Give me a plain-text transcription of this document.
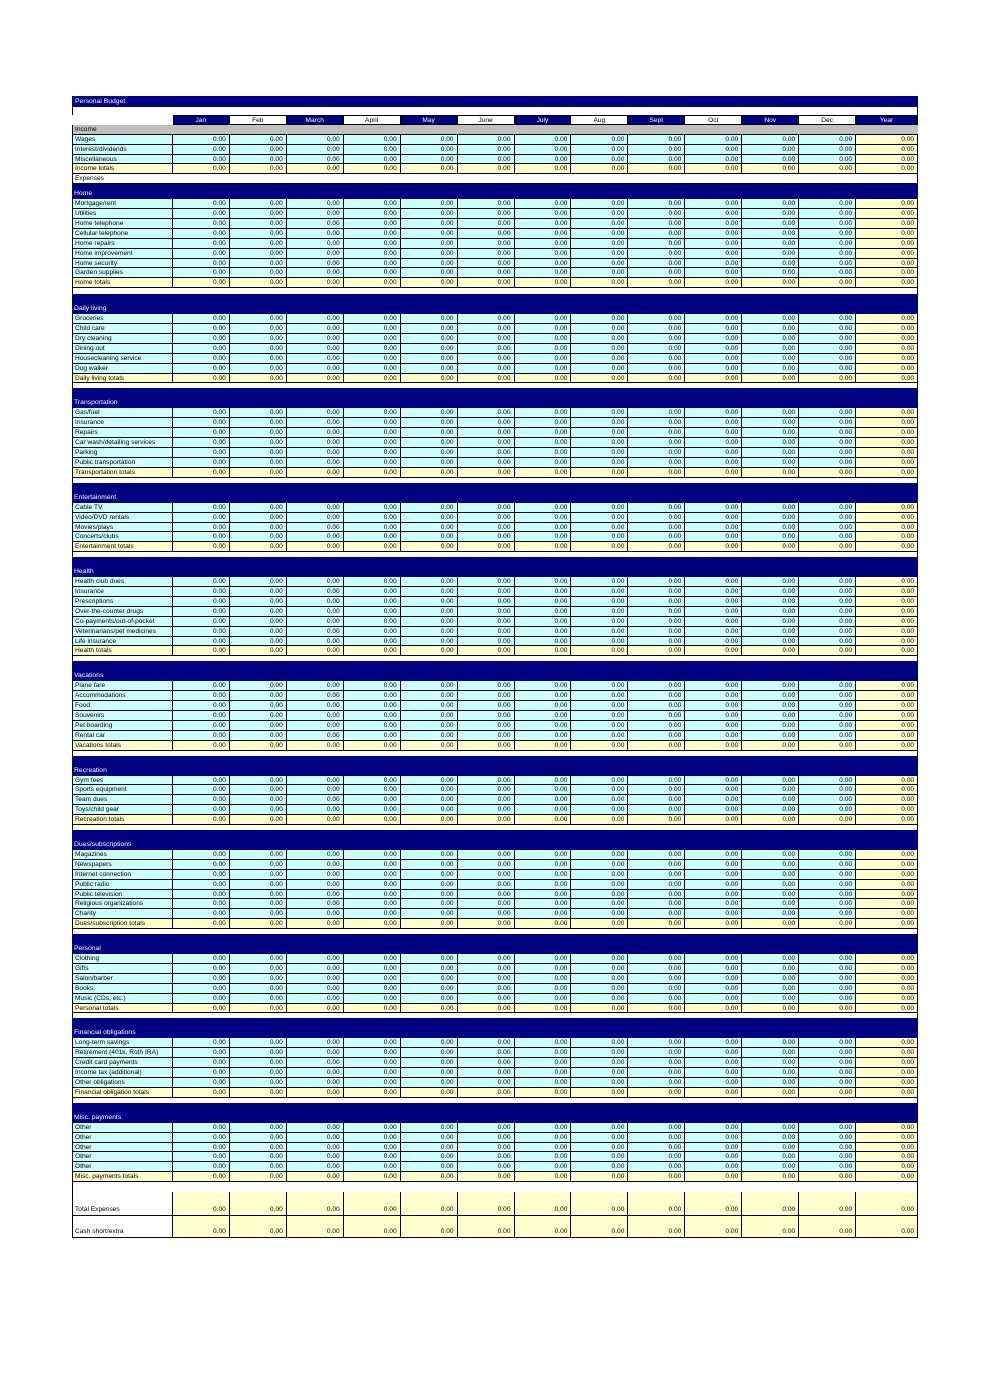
Personal Budget
Jan	Feb	March	April	May	June	July	Aug	Sept	Oct	Nov	Dec	Year
Income
Wages	0.00	0.00	0.00	0.00	0.00	0.00	0.00	0.00	0.00	0.00	0.00	0.00	0.00
Interest/dividends	0.00	0.00	0.00	0.00	0.00	0.00	0.00	0.00	0.00	0.00	0.00	0.00	0.00
Miscellaneous	0.00	0.00	0.00	0.00	0.00	0.00	0.00	0.00	0.00	0.00	0.00	0.00	0.00
Income totals	0.00	0.00	0.00	0.00	0.00	0.00	0.00	0.00	0.00	0.00	0.00	0.00	0.00
Expenses
Home
Mortgage/rent	0.00	0.00	0.00	0.00	0.00	0.00	0.00	0.00	0.00	0.00	0.00	0.00	0.00
Utilities	0.00	0.00	0.00	0.00	0.00	0.00	0.00	0.00	0.00	0.00	0.00	0.00	0.00
Home telephone	0.00	0.00	0.00	0.00	0.00	0.00	0.00	0.00	0.00	0.00	0.00	0.00	0.00
Cellular telephone	0.00	0.00	0.00	0.00	0.00	0.00	0.00	0.00	0.00	0.00	0.00	0.00	0.00
Home repairs	0.00	0.00	0.00	0.00	0.00	0.00	0.00	0.00	0.00	0.00	0.00	0.00	0.00
Home improvement	0.00	0.00	0.00	0.00	0.00	0.00	0.00	0.00	0.00	0.00	0.00	0.00	0.00
Home security	0.00	0.00	0.00	0.00	0.00	0.00	0.00	0.00	0.00	0.00	0.00	0.00	0.00
Garden supplies	0.00	0.00	0.00	0.00	0.00	0.00	0.00	0.00	0.00	0.00	0.00	0.00	0.00
Home totals	0.00	0.00	0.00	0.00	0.00	0.00	0.00	0.00	0.00	0.00	0.00	0.00	0.00
Daily living
Groceries	0.00	0.00	0.00	0.00	0.00	0.00	0.00	0.00	0.00	0.00	0.00	0.00	0.00
Child care	0.00	0.00	0.00	0.00	0.00	0.00	0.00	0.00	0.00	0.00	0.00	0.00	0.00
Dry cleaning	0.00	0.00	0.00	0.00	0.00	0.00	0.00	0.00	0.00	0.00	0.00	0.00	0.00
Dining out	0.00	0.00	0.00	0.00	0.00	0.00	0.00	0.00	0.00	0.00	0.00	0.00	0.00
Housecleaning service	0.00	0.00	0.00	0.00	0.00	0.00	0.00	0.00	0.00	0.00	0.00	0.00	0.00
Dog walker	0.00	0.00	0.00	0.00	0.00	0.00	0.00	0.00	0.00	0.00	0.00	0.00	0.00
Daily living totals	0.00	0.00	0.00	0.00	0.00	0.00	0.00	0.00	0.00	0.00	0.00	0.00	0.00
Transportation
Gas/fuel	0.00	0.00	0.00	0.00	0.00	0.00	0.00	0.00	0.00	0.00	0.00	0.00	0.00
Insurance	0.00	0.00	0.00	0.00	0.00	0.00	0.00	0.00	0.00	0.00	0.00	0.00	0.00
Repairs	0.00	0.00	0.00	0.00	0.00	0.00	0.00	0.00	0.00	0.00	0.00	0.00	0.00
Car wash/detailing services	0.00	0.00	0.00	0.00	0.00	0.00	0.00	0.00	0.00	0.00	0.00	0.00	0.00
Parking	0.00	0.00	0.00	0.00	0.00	0.00	0.00	0.00	0.00	0.00	0.00	0.00	0.00
Public transportation	0.00	0.00	0.00	0.00	0.00	0.00	0.00	0.00	0.00	0.00	0.00	0.00	0.00
Transportation totals	0.00	0.00	0.00	0.00	0.00	0.00	0.00	0.00	0.00	0.00	0.00	0.00	0.00
Entertainment
Cable TV	0.00	0.00	0.00	0.00	0.00	0.00	0.00	0.00	0.00	0.00	0.00	0.00	0.00
Video/DVD rentals	0.00	0.00	0.00	0.00	0.00	0.00	0.00	0.00	0.00	0.00	0.00	0.00	0.00
Movies/plays	0.00	0.00	0.00	0.00	0.00	0.00	0.00	0.00	0.00	0.00	0.00	0.00	0.00
Concerts/clubs	0.00	0.00	0.00	0.00	0.00	0.00	0.00	0.00	0.00	0.00	0.00	0.00	0.00
Entertainment totals	0.00	0.00	0.00	0.00	0.00	0.00	0.00	0.00	0.00	0.00	0.00	0.00	0.00
Health
Health club dues	0.00	0.00	0.00	0.00	0.00	0.00	0.00	0.00	0.00	0.00	0.00	0.00	0.00
Insurance	0.00	0.00	0.00	0.00	0.00	0.00	0.00	0.00	0.00	0.00	0.00	0.00	0.00
Prescriptions	0.00	0.00	0.00	0.00	0.00	0.00	0.00	0.00	0.00	0.00	0.00	0.00	0.00
Over-the-counter drugs	0.00	0.00	0.00	0.00	0.00	0.00	0.00	0.00	0.00	0.00	0.00	0.00	0.00
Co-payments/out-of-pocket	0.00	0.00	0.00	0.00	0.00	0.00	0.00	0.00	0.00	0.00	0.00	0.00	0.00
Veterinarians/pet medicines	0.00	0.00	0.00	0.00	0.00	0.00	0.00	0.00	0.00	0.00	0.00	0.00	0.00
Life insurance	0.00	0.00	0.00	0.00	0.00	0.00	0.00	0.00	0.00	0.00	0.00	0.00	0.00
Health totals	0.00	0.00	0.00	0.00	0.00	0.00	0.00	0.00	0.00	0.00	0.00	0.00	0.00
Vacations
Plane fare	0.00	0.00	0.00	0.00	0.00	0.00	0.00	0.00	0.00	0.00	0.00	0.00	0.00
Accommodations	0.00	0.00	0.00	0.00	0.00	0.00	0.00	0.00	0.00	0.00	0.00	0.00	0.00
Food	0.00	0.00	0.00	0.00	0.00	0.00	0.00	0.00	0.00	0.00	0.00	0.00	0.00
Souvenirs	0.00	0.00	0.00	0.00	0.00	0.00	0.00	0.00	0.00	0.00	0.00	0.00	0.00
Pet boarding	0.00	0.00	0.00	0.00	0.00	0.00	0.00	0.00	0.00	0.00	0.00	0.00	0.00
Rental car	0.00	0.00	0.00	0.00	0.00	0.00	0.00	0.00	0.00	0.00	0.00	0.00	0.00
Vacations totals	0.00	0.00	0.00	0.00	0.00	0.00	0.00	0.00	0.00	0.00	0.00	0.00	0.00
Recreation
Gym fees	0.00	0.00	0.00	0.00	0.00	0.00	0.00	0.00	0.00	0.00	0.00	0.00	0.00
Sports equipment	0.00	0.00	0.00	0.00	0.00	0.00	0.00	0.00	0.00	0.00	0.00	0.00	0.00
Team dues	0.00	0.00	0.00	0.00	0.00	0.00	0.00	0.00	0.00	0.00	0.00	0.00	0.00
Toys/child gear	0.00	0.00	0.00	0.00	0.00	0.00	0.00	0.00	0.00	0.00	0.00	0.00	0.00
Recreation totals	0.00	0.00	0.00	0.00	0.00	0.00	0.00	0.00	0.00	0.00	0.00	0.00	0.00
Dues/subscriptions
Magazines	0.00	0.00	0.00	0.00	0.00	0.00	0.00	0.00	0.00	0.00	0.00	0.00	0.00
Newspapers	0.00	0.00	0.00	0.00	0.00	0.00	0.00	0.00	0.00	0.00	0.00	0.00	0.00
Internet connection	0.00	0.00	0.00	0.00	0.00	0.00	0.00	0.00	0.00	0.00	0.00	0.00	0.00
Public radio	0.00	0.00	0.00	0.00	0.00	0.00	0.00	0.00	0.00	0.00	0.00	0.00	0.00
Public television	0.00	0.00	0.00	0.00	0.00	0.00	0.00	0.00	0.00	0.00	0.00	0.00	0.00
Religious organizations	0.00	0.00	0.00	0.00	0.00	0.00	0.00	0.00	0.00	0.00	0.00	0.00	0.00
Charity	0.00	0.00	0.00	0.00	0.00	0.00	0.00	0.00	0.00	0.00	0.00	0.00	0.00
Dues/subscription totals	0.00	0.00	0.00	0.00	0.00	0.00	0.00	0.00	0.00	0.00	0.00	0.00	0.00
Personal
Clothing	0.00	0.00	0.00	0.00	0.00	0.00	0.00	0.00	0.00	0.00	0.00	0.00	0.00
Gifts	0.00	0.00	0.00	0.00	0.00	0.00	0.00	0.00	0.00	0.00	0.00	0.00	0.00
Salon/barber	0.00	0.00	0.00	0.00	0.00	0.00	0.00	0.00	0.00	0.00	0.00	0.00	0.00
Books	0.00	0.00	0.00	0.00	0.00	0.00	0.00	0.00	0.00	0.00	0.00	0.00	0.00
Music (CDs, etc.)	0.00	0.00	0.00	0.00	0.00	0.00	0.00	0.00	0.00	0.00	0.00	0.00	0.00
Personal totals	0.00	0.00	0.00	0.00	0.00	0.00	0.00	0.00	0.00	0.00	0.00	0.00	0.00
Financial obligations
Long-term savings	0.00	0.00	0.00	0.00	0.00	0.00	0.00	0.00	0.00	0.00	0.00	0.00	0.00
Retirement (401k, Roth IRA)	0.00	0.00	0.00	0.00	0.00	0.00	0.00	0.00	0.00	0.00	0.00	0.00	0.00
Credit card payments	0.00	0.00	0.00	0.00	0.00	0.00	0.00	0.00	0.00	0.00	0.00	0.00	0.00
Income tax (additional)	0.00	0.00	0.00	0.00	0.00	0.00	0.00	0.00	0.00	0.00	0.00	0.00	0.00
Other obligations	0.00	0.00	0.00	0.00	0.00	0.00	0.00	0.00	0.00	0.00	0.00	0.00	0.00
Financial obligation totals	0.00	0.00	0.00	0.00	0.00	0.00	0.00	0.00	0.00	0.00	0.00	0.00	0.00
Misc. payments
Other	0.00	0.00	0.00	0.00	0.00	0.00	0.00	0.00	0.00	0.00	0.00	0.00	0.00
Other	0.00	0.00	0.00	0.00	0.00	0.00	0.00	0.00	0.00	0.00	0.00	0.00	0.00
Other	0.00	0.00	0.00	0.00	0.00	0.00	0.00	0.00	0.00	0.00	0.00	0.00	0.00
Other	0.00	0.00	0.00	0.00	0.00	0.00	0.00	0.00	0.00	0.00	0.00	0.00	0.00
Other	0.00	0.00	0.00	0.00	0.00	0.00	0.00	0.00	0.00	0.00	0.00	0.00	0.00
Misc. payments totals	0.00	0.00	0.00	0.00	0.00	0.00	0.00	0.00	0.00	0.00	0.00	0.00	0.00
Total Expenses	0.00	0.00	0.00	0.00	0.00	0.00	0.00	0.00	0.00	0.00	0.00	0.00	0.00
Cash short/extra	0.00	0.00	0.00	0.00	0.00	0.00	0.00	0.00	0.00	0.00	0.00	0.00	0.00
